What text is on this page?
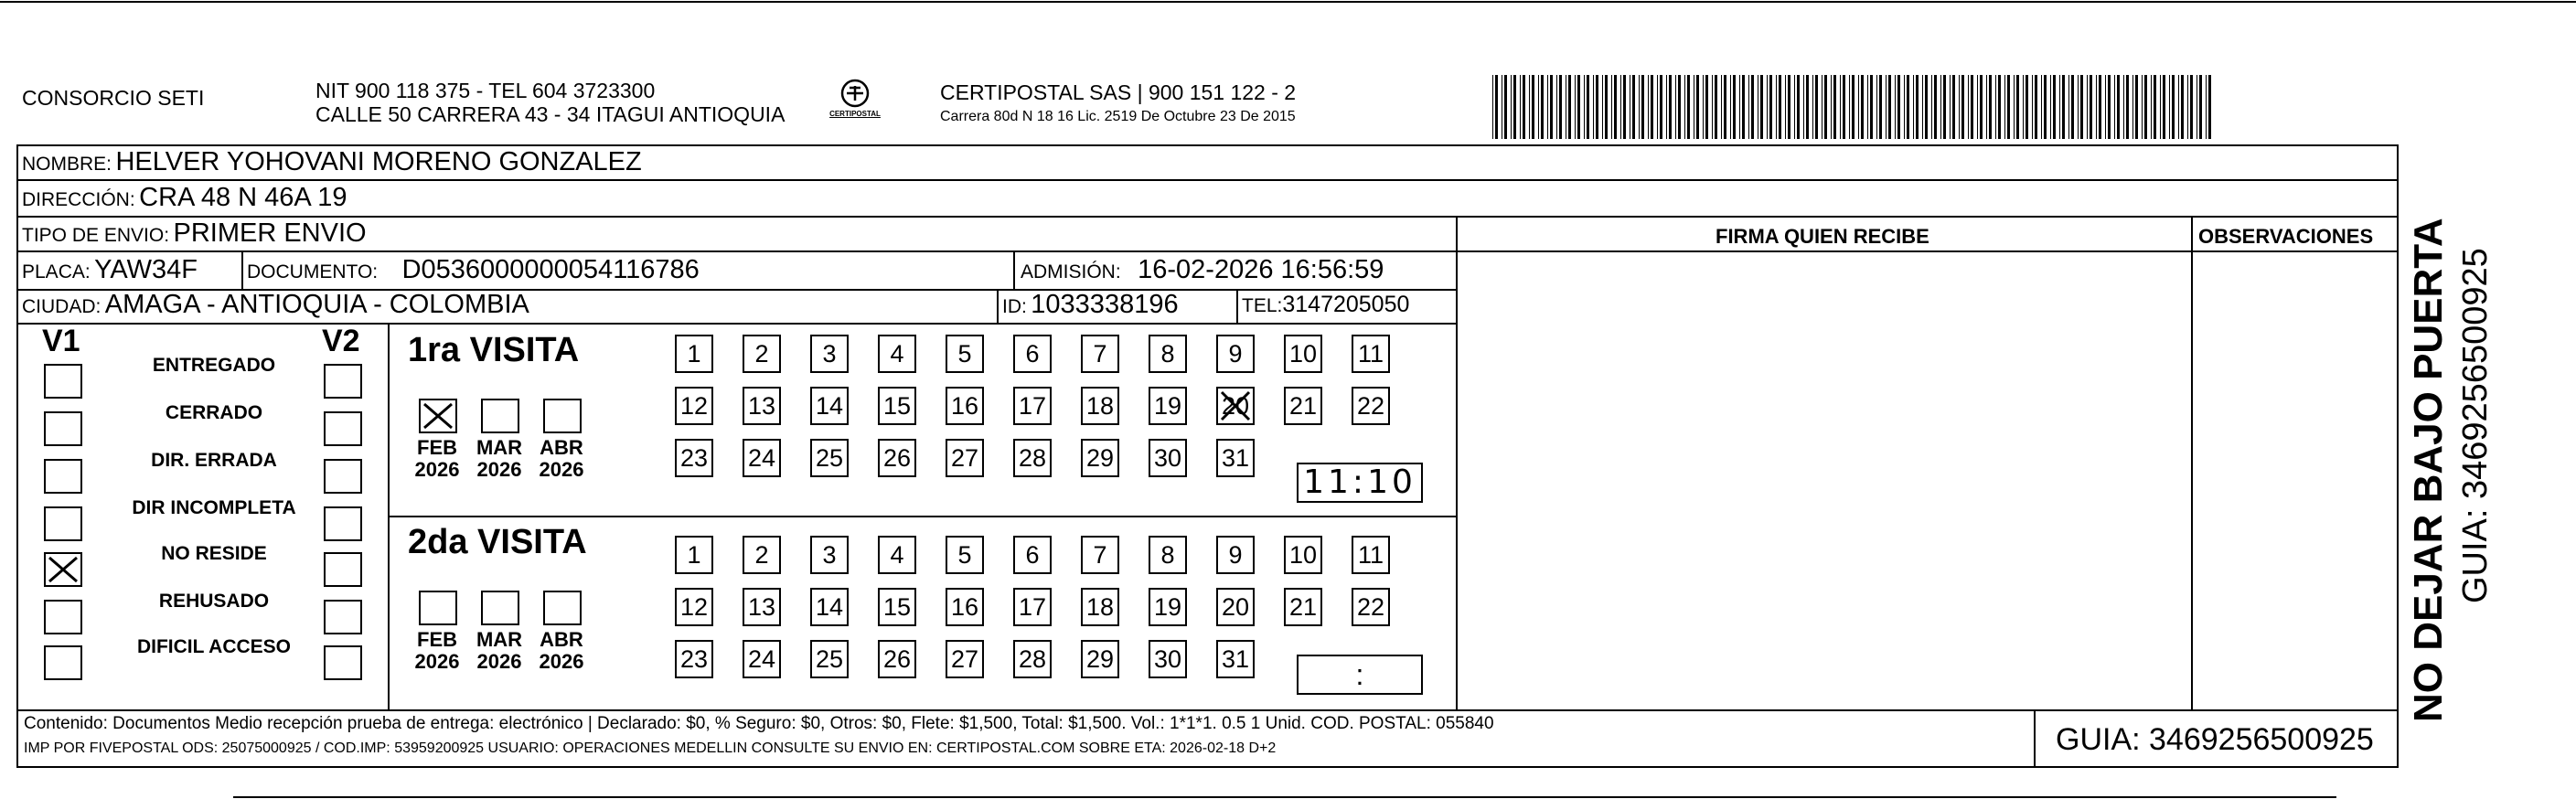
CONSORCIO SETI	NIT 900 118 375 - TEL 604 3723300
CALLE 50 CARRERA 43 - 34 ITAGUI ANTIOQUIA	CERTIPOSTAL
CERTIPOSTAL SAS | 900 151 122 - 2
Carrera 80d N 18 16 Lic. 2519 De Octubre 23 De 2015
NOMBRE: HELVER YOHOVANI MORENO GONZALEZ
DIRECCIÓN: CRA 48 N 46A 19
TIPO DE ENVIO: PRIMER ENVIO
PLACA: YAW34F	DOCUMENTO: D0536000000054116786	ADMISIÓN: 16-02-2026 16:56:59
CIUDAD: AMAGA - ANTIOQUIA - COLOMBIA	ID: 1033338196	TEL:3147205050
FIRMA QUIEN RECIBE	OBSERVACIONES
V1	V2
ENTREGADO
CERRADO
DIR. ERRADA
DIR INCOMPLETA
NO RESIDE
REHUSADO
DIFICIL ACCESO
1ra VISITA
2da VISITA
FEB
2026
MAR
2026
ABR
2026
FEB
2026
MAR
2026
ABR
2026
1	2	3	4	5	6	7	8	9	10 11
12 13 14 15 16 17 18 19 20 21 22
23 24 25 26 27 28 29 30 31
1	2	3	4	5	6	7	8	9	10 11
12 13 14 15 16 17 18 19 20 21 22
23 24 25 26 27 28 29 30 31
11:10
:
Contenido: Documentos Medio recepción prueba de entrega: electrónico | Declarado: $0, % Seguro: $0, Otros: $0, Flete: $1,500, Total: $1,500. Vol.: 1*1*1. 0.5 1 Unid. COD. POSTAL: 055840
IMP POR FIVEPOSTAL ODS: 25075000925 / COD.IMP: 53959200925 USUARIO: OPERACIONES MEDELLIN CONSULTE SU ENVIO EN: CERTIPOSTAL.COM SOBRE ETA: 2026-02-18 D+2	GUIA: 3469256500925
NO DEJAR BAJO PUERTA GUIA: 3469256500925
